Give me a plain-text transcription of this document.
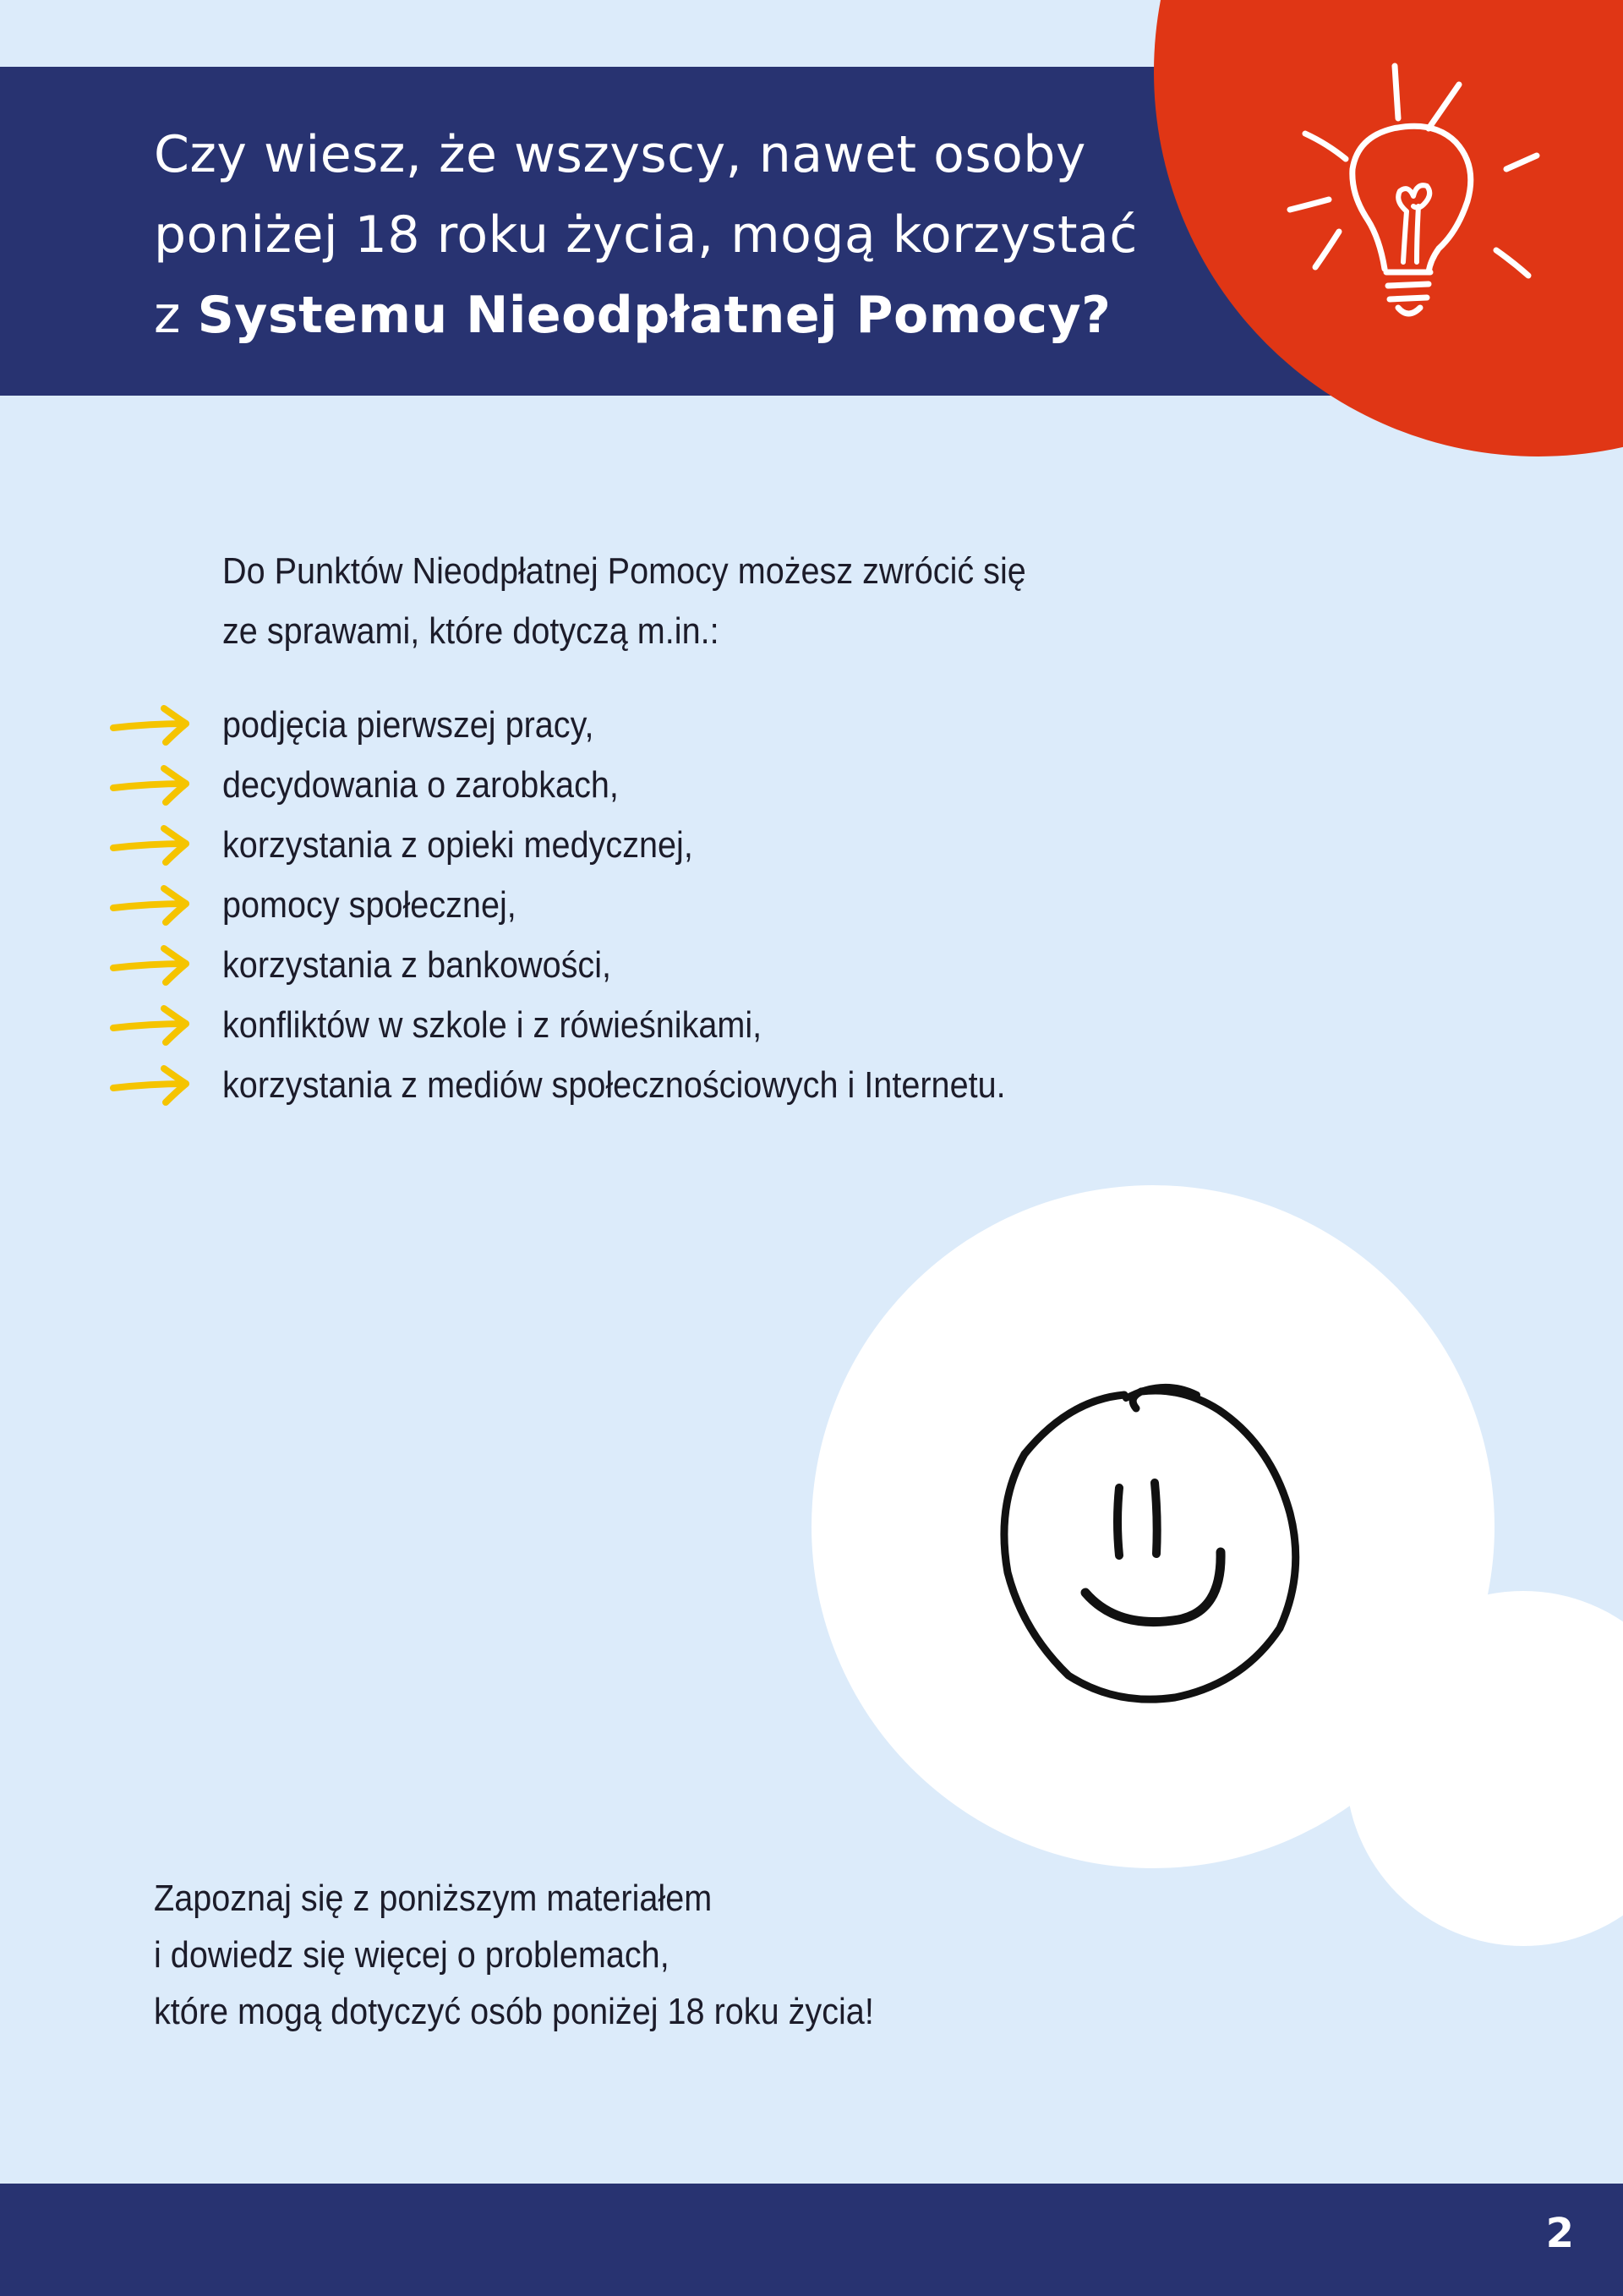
Czy wiesz, że wszyscy, nawet osoby
poniżej 18 roku życia, mogą korzystać
z Systemu Nieodpłatnej Pomocy?

Do Punktów Nieodpłatnej Pomocy możesz zwrócić się
ze sprawami, które dotyczą m.in.:

podjęcia pierwszej pracy,
decydowania o zarobkach,
korzystania z opieki medycznej,
pomocy społecznej,
korzystania z bankowości,
konfliktów w szkole i z rówieśnikami,
korzystania z mediów społecznościowych i Internetu.

Zapoznaj się z poniższym materiałem
i dowiedz się więcej o problemach,
które mogą dotyczyć osób poniżej 18 roku życia!

2
